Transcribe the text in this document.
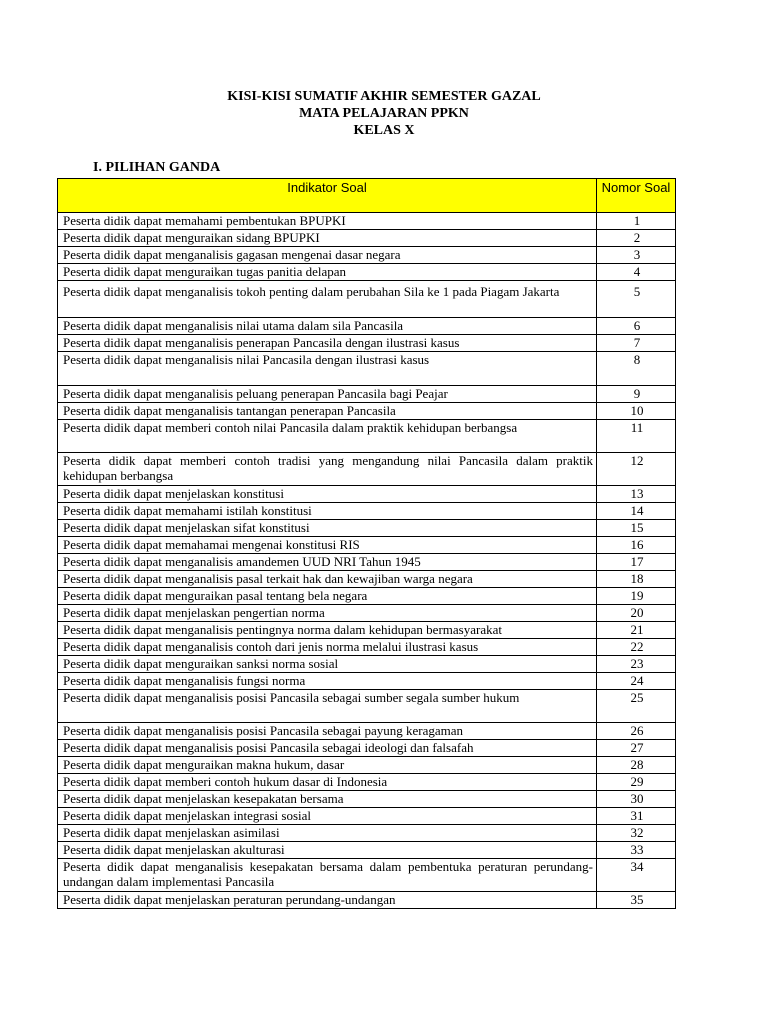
KISI-KISI SUMATIF AKHIR SEMESTER GAZAL

MATA PELAJARAN PPKN

KELAS X

I. PILIHAN GANDA

Indikator Soal	Nomor Soal
Peserta didik dapat memahami pembentukan BPUPKI	1
Peserta didik dapat menguraikan sidang BPUPKI	2
Peserta didik dapat menganalisis gagasan mengenai dasar negara	3
Peserta didik dapat menguraikan tugas panitia delapan	4
Peserta didik dapat menganalisis tokoh penting dalam perubahan Sila ke 1 pada Piagam Jakarta	5
Peserta didik dapat menganalisis nilai utama dalam sila Pancasila	6
Peserta didik dapat menganalisis penerapan Pancasila dengan ilustrasi kasus	7
Peserta didik dapat menganalisis nilai Pancasila dengan ilustrasi kasus	8
Peserta didik dapat menganalisis peluang penerapan Pancasila bagi Peajar	9
Peserta didik dapat menganalisis tantangan penerapan Pancasila	10
Peserta didik dapat memberi contoh nilai Pancasila dalam praktik kehidupan berbangsa	11
Peserta didik dapat memberi contoh tradisi yang mengandung nilai Pancasila dalam praktik kehidupan berbangsa	12
Peserta didik dapat menjelaskan konstitusi	13
Peserta didik dapat memahami istilah konstitusi	14
Peserta didik dapat menjelaskan sifat konstitusi	15
Peserta didik dapat memahamai mengenai konstitusi RIS	16
Peserta didik dapat menganalisis amandemen UUD NRI Tahun 1945	17
Peserta didik dapat menganalisis pasal terkait hak dan kewajiban warga negara	18
Peserta didik dapat menguraikan pasal tentang bela negara	19
Peserta didik dapat menjelaskan pengertian norma	20
Peserta didik dapat menganalisis pentingnya norma dalam kehidupan bermasyarakat	21
Peserta didik dapat menganalisis contoh dari jenis norma melalui ilustrasi kasus	22
Peserta didik dapat menguraikan sanksi norma sosial	23
Peserta didik dapat menganalisis fungsi norma	24
Peserta didik dapat menganalisis posisi Pancasila sebagai sumber segala sumber hukum	25
Peserta didik dapat menganalisis posisi Pancasila sebagai payung keragaman	26
Peserta didik dapat menganalisis posisi Pancasila sebagai ideologi dan falsafah	27
Peserta didik dapat menguraikan makna hukum, dasar	28
Peserta didik dapat memberi contoh hukum dasar di Indonesia	29
Peserta didik dapat menjelaskan kesepakatan bersama	30
Peserta didik dapat menjelaskan integrasi sosial	31
Peserta didik dapat menjelaskan asimilasi	32
Peserta didik dapat menjelaskan akulturasi	33
Peserta didik dapat menganalisis kesepakatan bersama dalam pembentuka peraturan perundang-undangan dalam implementasi Pancasila	34
Peserta didik dapat menjelaskan peraturan perundang-undangan	35
